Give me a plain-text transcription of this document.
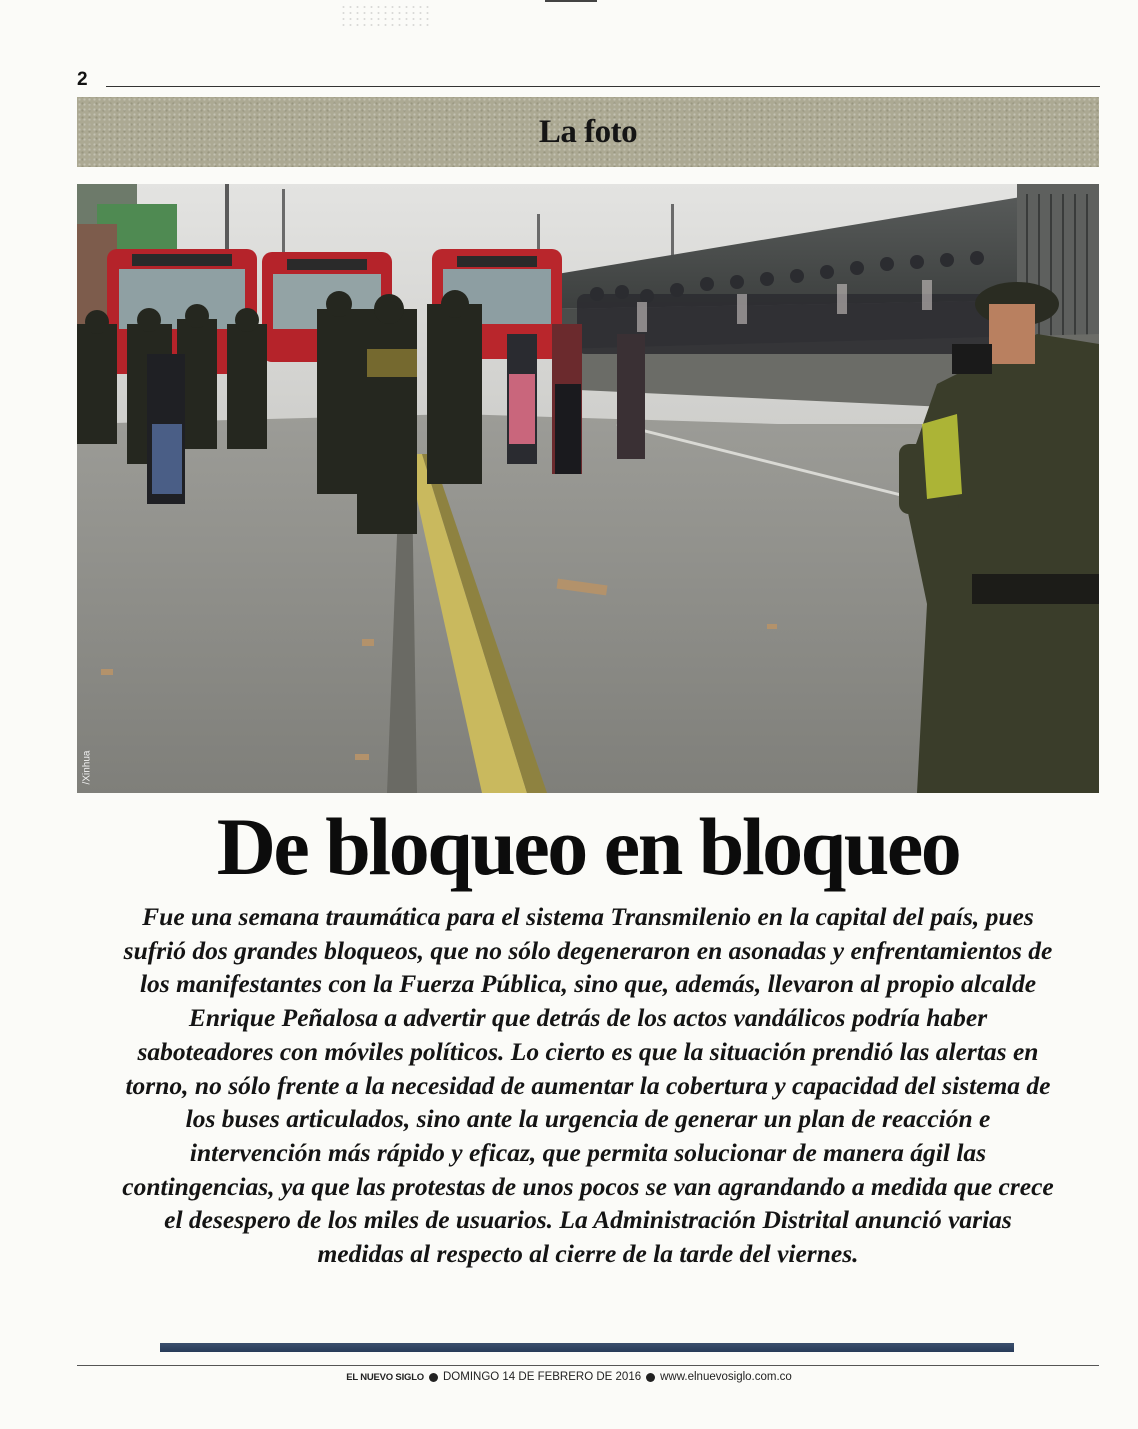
2
La foto
/Xinhua
De bloqueo en bloqueo

Fue una semana traumática para el sistema Transmilenio en la capital del país, pues sufrió dos grandes bloqueos, que no sólo degeneraron en asonadas y enfrentamientos de los manifestantes con la Fuerza Pública, sino que, además, llevaron al propio alcalde Enrique Peñalosa a advertir que detrás de los actos vandálicos podría haber saboteadores con móviles políticos. Lo cierto es que la situación prendió las alertas en torno, no sólo frente a la necesidad de aumentar la cobertura y capacidad del sistema de los buses articulados, sino ante la urgencia de generar un plan de reacción e intervención más rápido y eficaz, que permita solucionar de manera ágil las contingencias, ya que las protestas de unos pocos se van agrandando a medida que crece el desespero de los miles de usuarios. La Administración Distrital anunció varias medidas al respecto al cierre de la tarde del viernes.

EL NUEVO SIGLO DOMINGO 14 DE FEBRERO DE 2016 www.elnuevosiglo.com.co
